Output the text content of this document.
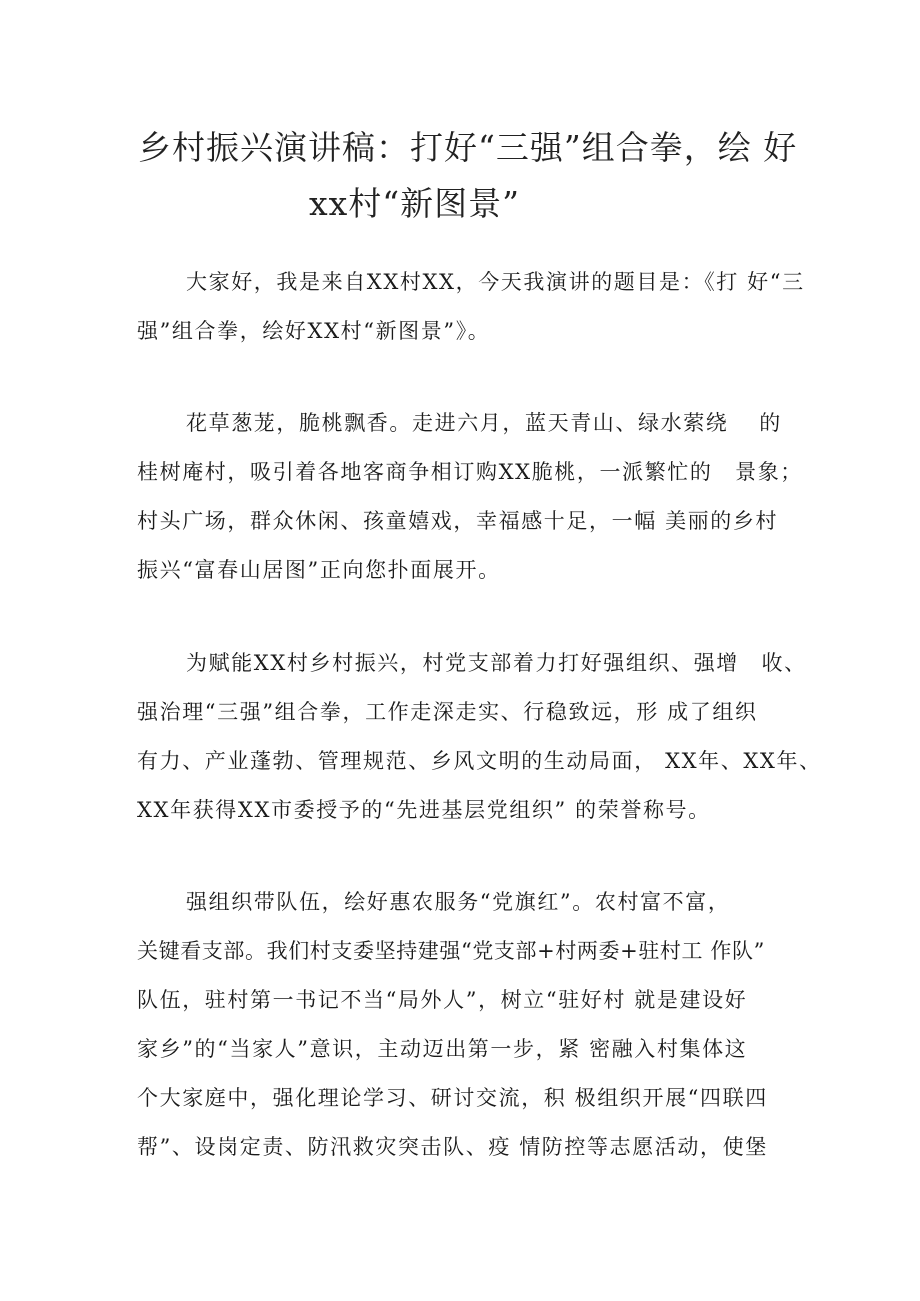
乡村振兴演讲稿：打好“三强”组合拳，绘 好
xx村“新图景”
大家好，我是来自XX村XX，今天我演讲的题目是：《打 好“三
强”组合拳，绘好XX村“新图景”》。
花草葱茏，脆桃飘香。走进六月，蓝天青山、绿水萦绕　 的
桂树庵村，吸引着各地客商争相订购XX脆桃，一派繁忙的　景象；
村头广场，群众休闲、孩童嬉戏，幸福感十足，一幅 美丽的乡村
振兴“富春山居图”正向您扑面展开。
为赋能XX村乡村振兴，村党支部着力打好强组织、强增　收、
强治理“三强”组合拳，工作走深走实、行稳致远，形 成了组织
有力、产业蓬勃、管理规范、乡风文明的生动局面， XX年、XX年、
XX年获得XX市委授予的“先进基层党组织” 的荣誉称号。
强组织带队伍，绘好惠农服务“党旗红”。农村富不富，
关键看支部。我们村支委坚持建强“党支部+村两委+驻村工 作队”
队伍，驻村第一书记不当“局外人”，树立“驻好村 就是建设好
家乡”的“当家人”意识，主动迈出第一步，紧 密融入村集体这
个大家庭中，强化理论学习、研讨交流，积 极组织开展“四联四
帮”、设岗定责、防汛救灾突击队、疫 情防控等志愿活动，使堡
